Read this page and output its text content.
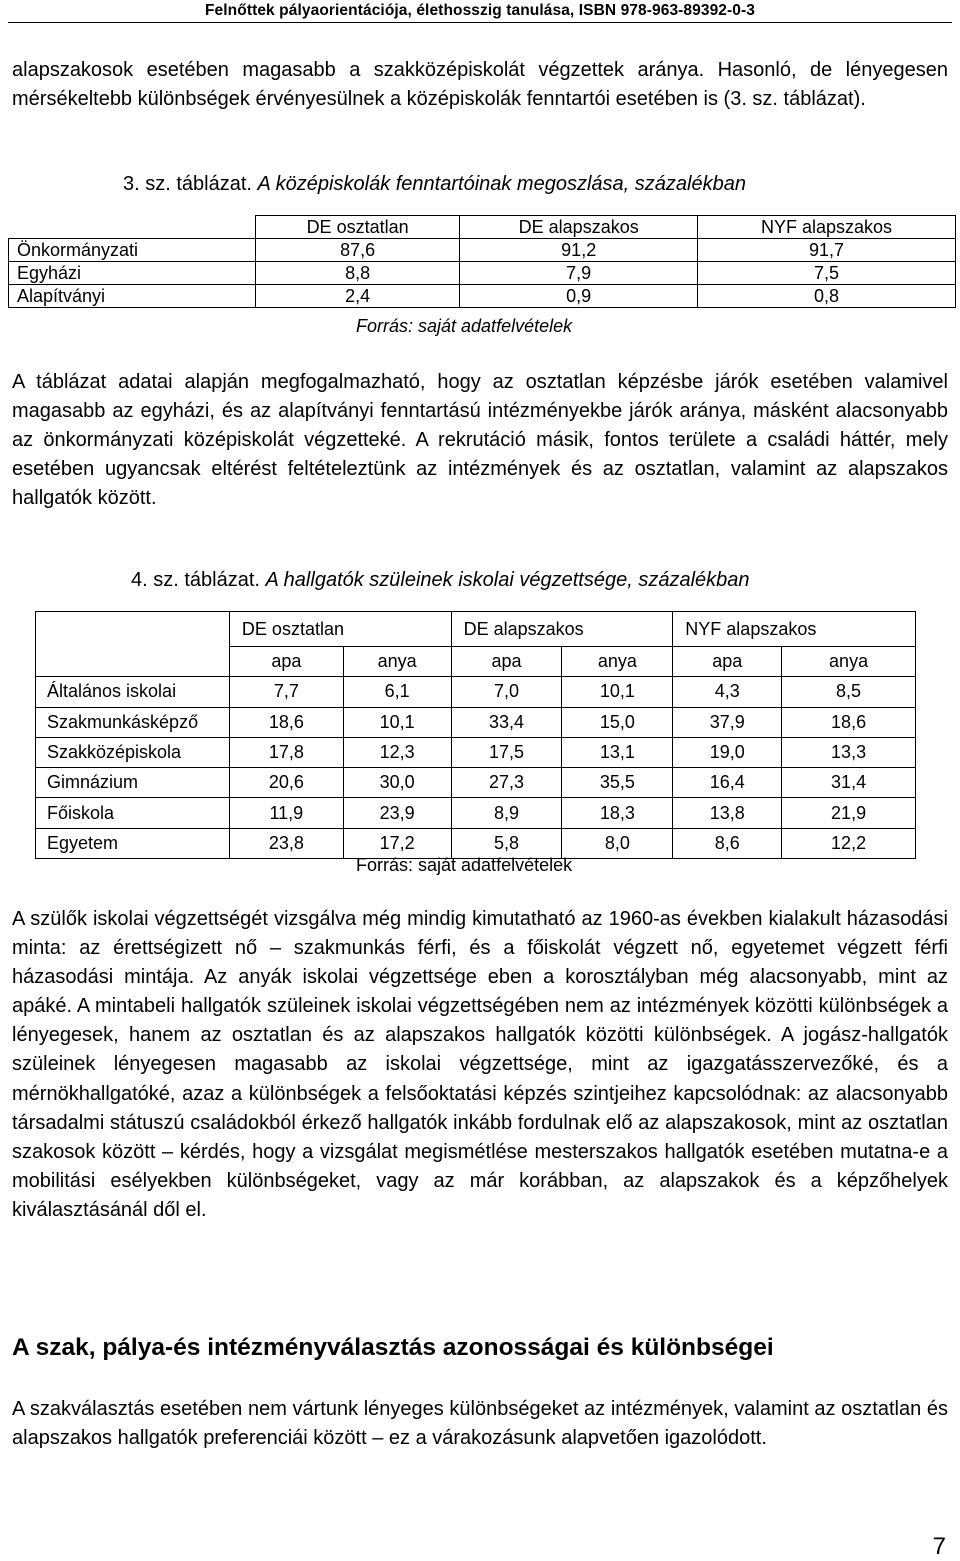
Felnőttek pályaorientációja, élethosszig tanulása, ISBN 978-963-89392-0-3
alapszakosok esetében magasabb a szakközépiskolát végzettek aránya. Hasonló, de lényegesen mérsékeltebb különbségek érvényesülnek a középiskolák fenntartói esetében is (3. sz. táblázat).
3. sz. táblázat. A középiskolák fenntartóinak megoszlása, százalékban
	DE osztatlan	DE alapszakos	NYF alapszakos
Önkormányzati	87,6	91,2	91,7
Egyházi	8,8	7,9	7,5
Alapítványi	2,4	0,9	0,8
Forrás: saját adatfelvételek
A táblázat adatai alapján megfogalmazható, hogy az osztatlan képzésbe járók esetében valamivel magasabb az egyházi, és az alapítványi fenntartású intézményekbe járók aránya, másként alacsonyabb az önkormányzati középiskolát végzetteké. A rekrutáció másik, fontos területe a családi háttér, mely esetében ugyancsak eltérést feltételeztünk az intézmények és az osztatlan, valamint az alapszakos hallgatók között.
4. sz. táblázat. A hallgatók szüleinek iskolai végzettsége, százalékban
	DE osztatlan		DE alapszakos		NYF alapszakos	
	apa	anya	apa	anya	apa	anya
Általános iskolai	7,7	6,1	7,0	10,1	4,3	8,5
Szakmunkásképző	18,6	10,1	33,4	15,0	37,9	18,6
Szakközépiskola	17,8	12,3	17,5	13,1	19,0	13,3
Gimnázium	20,6	30,0	27,3	35,5	16,4	31,4
Főiskola	11,9	23,9	8,9	18,3	13,8	21,9
Egyetem	23,8	17,2	5,8	8,0	8,6	12,2
Forrás: saját adatfelvételek
A szülők iskolai végzettségét vizsgálva még mindig kimutatható az 1960-as években kialakult házasodási minta: az érettségizett nő – szakmunkás férfi, és a főiskolát végzett nő, egyetemet végzett férfi házasodási mintája. Az anyák iskolai végzettsége eben a korosztályban még alacsonyabb, mint az apáké. A mintabeli hallgatók szüleinek iskolai végzettségében nem az intézmények közötti különbségek a lényegesek, hanem az osztatlan és az alapszakos hallgatók közötti különbségek. A jogász-hallgatók szüleinek lényegesen magasabb az iskolai végzettsége, mint az igazgatásszervezőké, és a mérnökhallgatóké, azaz a különbségek a felsőoktatási képzés szintjeihez kapcsolódnak: az alacsonyabb társadalmi státuszú családokból érkező hallgatók inkább fordulnak elő az alapszakosok, mint az osztatlan szakosok között – kérdés, hogy a vizsgálat megismétlése mesterszakos hallgatók esetében mutatna-e a mobilitási esélyekben különbségeket, vagy az már korábban, az alapszakok és a képzőhelyek kiválasztásánál dől el.
A szak, pálya-és intézményválasztás azonosságai és különbségei
A szakválasztás esetében nem vártunk lényeges különbségeket az intézmények, valamint az osztatlan és alapszakos hallgatók preferenciái között – ez a várakozásunk alapvetően igazolódott.
7
